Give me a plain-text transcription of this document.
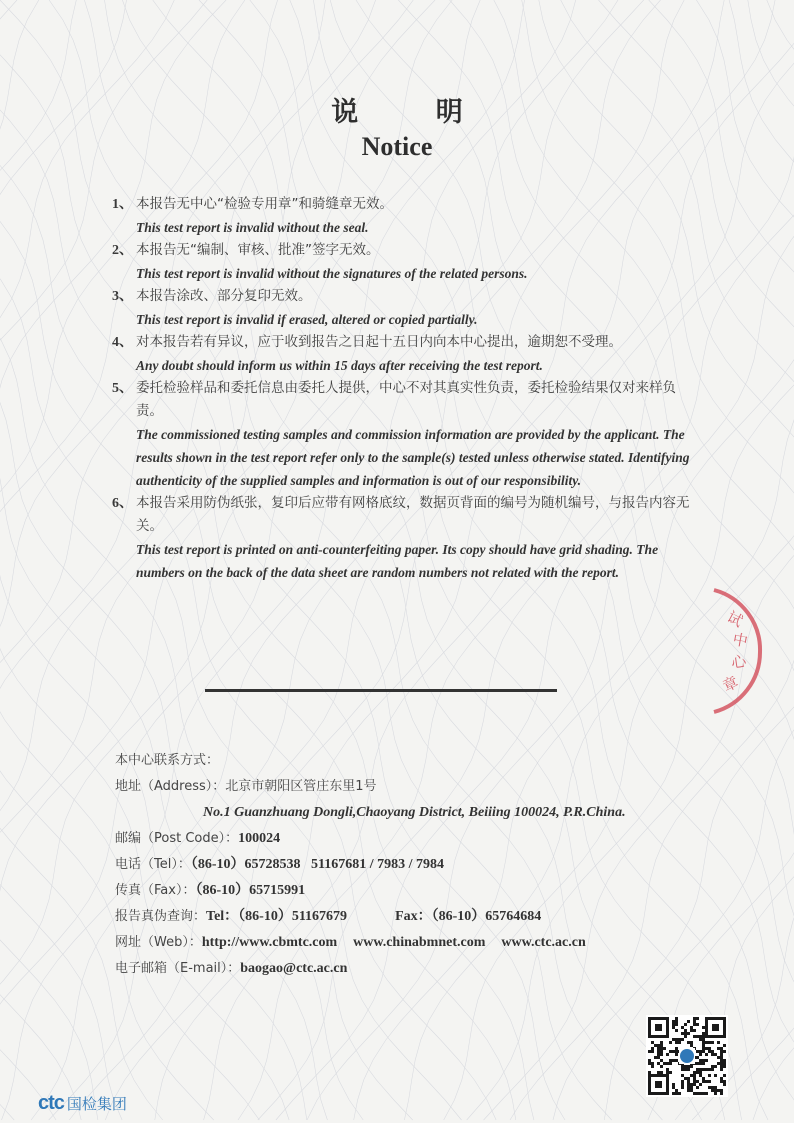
说 明
Notice
1、 本报告无中心“检验专用章”和骑缝章无效。
This test report is invalid without the seal.
2、 本报告无“编制、审核、批准”签字无效。
This test report is invalid without the signatures of the related persons.
3、 本报告涂改、部分复印无效。
This test report is invalid if erased, altered or copied partially.
4、 对本报告若有异议，应于收到报告之日起十五日内向本中心提出，逾期恕不受理。
Any doubt should inform us within 15 days after receiving the test report.
5、 委托检验样品和委托信息由委托人提供，中心不对其真实性负责，委托检验结果仅对来样负责。
The commissioned testing samples and commission information are provided by the applicant. The results shown in the test report refer only to the sample(s) tested unless otherwise stated. Identifying authenticity of the supplied samples and information is out of our responsibility.
6、 本报告采用防伪纸张，复印后应带有网格底纹，数据页背面的编号为随机编号，与报告内容无关。
This test report is printed on anti-counterfeiting paper. Its copy should have grid shading. The numbers on the back of the data sheet are random numbers not related with the report.
本中心联系方式：
地址（Address）：北京市朝阳区管庄东里1号
No.1 Guanzhuang Dongli,Chaoyang District, Beiiing 100024, P.R.China.
邮编（Post Code）：100024
电话（Tel）：（86-10）65728538   51167681 / 7983 / 7984
传真（Fax）：（86-10）65715991
报告真伪查询：Tel：（86-10）51167679	Fax：（86-10）65764684
网址（Web）：http://www.cbmtc.com www.chinabmnet.com www.ctc.ac.cn
电子邮箱（E-mail）：baogao@ctc.ac.cn
试
中
心
章
ctc 国检集团
